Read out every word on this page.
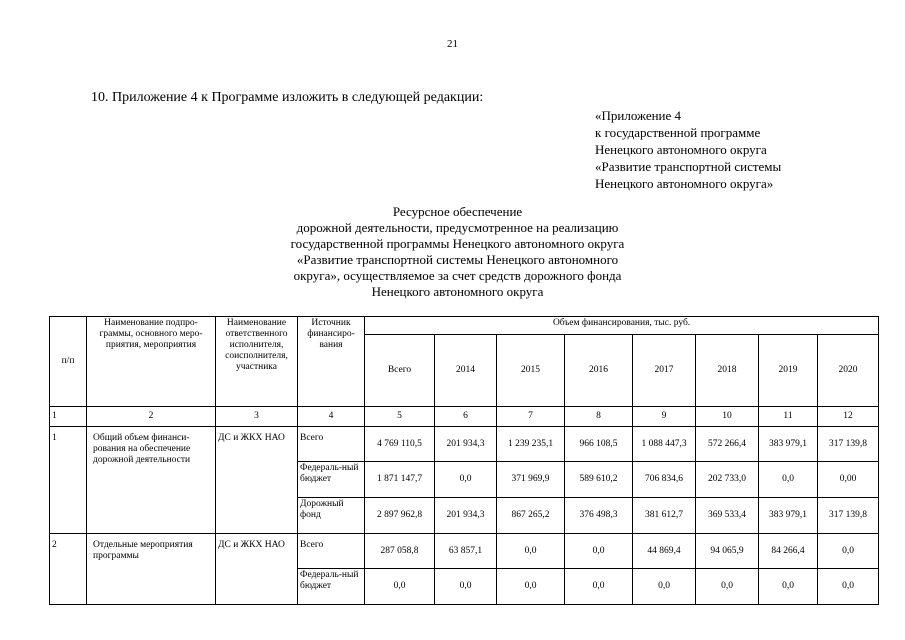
21
10. Приложение 4 к Программе изложить в следующей редакции:
«Приложение 4
к государственной программе
Ненецкого автономного округа
«Развитие транспортной системы
Ненецкого автономного округа»
Ресурсное обеспечение
дорожной деятельности, предусмотренное на реализацию
государственной программы Ненецкого автономного округа
«Развитие транспортной системы Ненецкого автономного
округа», осуществляемое за счет средств дорожного фонда
Ненецкого автономного округа
п/п	Наименование подпро-граммы, основного меро-приятия, мероприятия	Наименование ответственного исполнителя, соисполнителя, участника	Источник финансиро-вания	Объем финансирования, тыс. руб.							
				Всего	2014	2015	2016	2017	2018	2019	2020
1	2	3	4	5	6	7	8	9	10	11	12
1	Общий объем финанси-рования на обеспечение дорожной деятельности	ДС и ЖКХ НАО	Всего	4 769 110,5	201 934,3	1 239 235,1	966 108,5	1 088 447,3	572 266,4	383 979,1	317 139,8
			Федераль-ный бюджет	1 871 147,7	0,0	371 969,9	589 610,2	706 834,6	202 733,0	0,0	0,00
			Дорожный фонд	2 897 962,8	201 934,3	867 265,2	376 498,3	381 612,7	369 533,4	383 979,1	317 139,8
2	Отдельные мероприятия программы	ДС и ЖКХ НАО	Всего	287 058,8	63 857,1	0,0	0,0	44 869,4	94 065,9	84 266,4	0,0
			Федераль-ный бюджет	0,0	0,0	0,0	0,0	0,0	0,0	0,0	0,0
